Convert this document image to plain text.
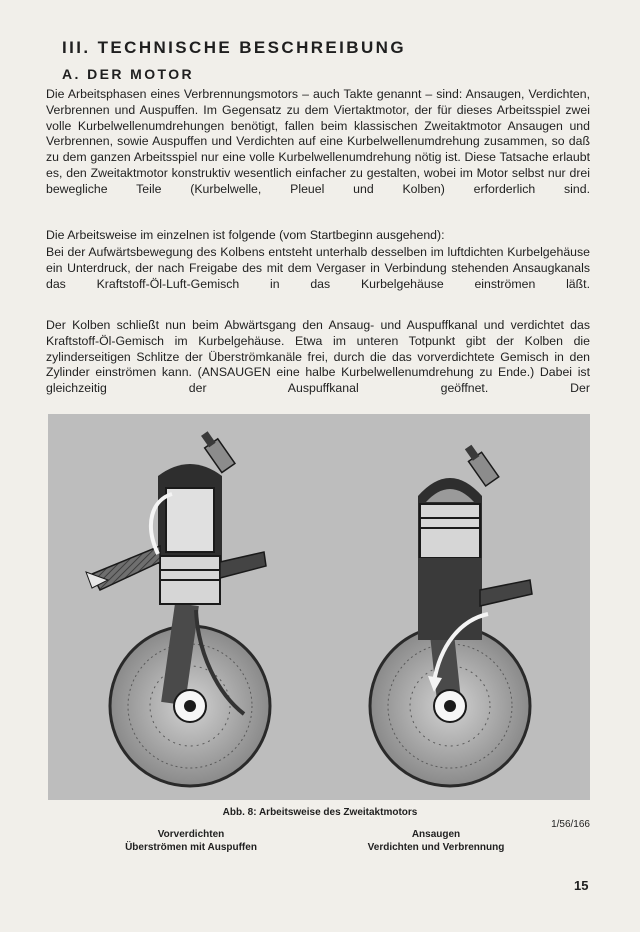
III. TECHNISCHE BESCHREIBUNG
A. DER MOTOR

Die Arbeitsphasen eines Verbrennungsmotors – auch Takte genannt – sind: Ansaugen, Verdichten, Verbrennen und Auspuffen. Im Gegensatz zu dem Viertaktmotor, der für dieses Arbeitsspiel zwei volle Kurbelwellenumdrehungen benötigt, fallen beim klassischen Zweitaktmotor Ansaugen und Verbrennen, sowie Auspuffen und Verdichten auf eine Kurbelwellenumdrehung zusammen, so daß zu dem ganzen Arbeitsspiel nur eine volle Kurbelwellenumdrehung nötig ist. Diese Tatsache erlaubt es, den Zweitaktmotor konstruktiv wesentlich einfacher zu gestalten, wobei im Motor selbst nur drei bewegliche Teile (Kurbelwelle, Pleuel und Kolben) erforderlich sind.

Die Arbeitsweise im einzelnen ist folgende (vom Startbeginn ausgehend):

Bei der Aufwärtsbewegung des Kolbens entsteht unterhalb desselben im luftdichten Kurbelgehäuse ein Unterdruck, der nach Freigabe des mit dem Vergaser in Verbindung stehenden Ansaugkanals das Kraftstoff-Öl-Luft-Gemisch in das Kurbelgehäuse einströmen läßt.

Der Kolben schließt nun beim Abwärtsgang den Ansaug- und Auspuffkanal und verdichtet das Kraftstoff-Öl-Gemisch im Kurbelgehäuse. Etwa im unteren Totpunkt gibt der Kolben die zylinderseitigen Schlitze der Überströmkanäle frei, durch die das vorverdichtete Gemisch in den Zylinder einströmen kann. (ANSAUGEN eine halbe Kurbelwellenumdrehung zu Ende.) Dabei ist gleichzeitig der Auspuffkanal geöffnet. Der

Abb. 8: Arbeitsweise des Zweitaktmotors
1/56/166
Vorverdichten
Überströmen mit Auspuffen
Ansaugen
Verdichten und Verbrennung
15
